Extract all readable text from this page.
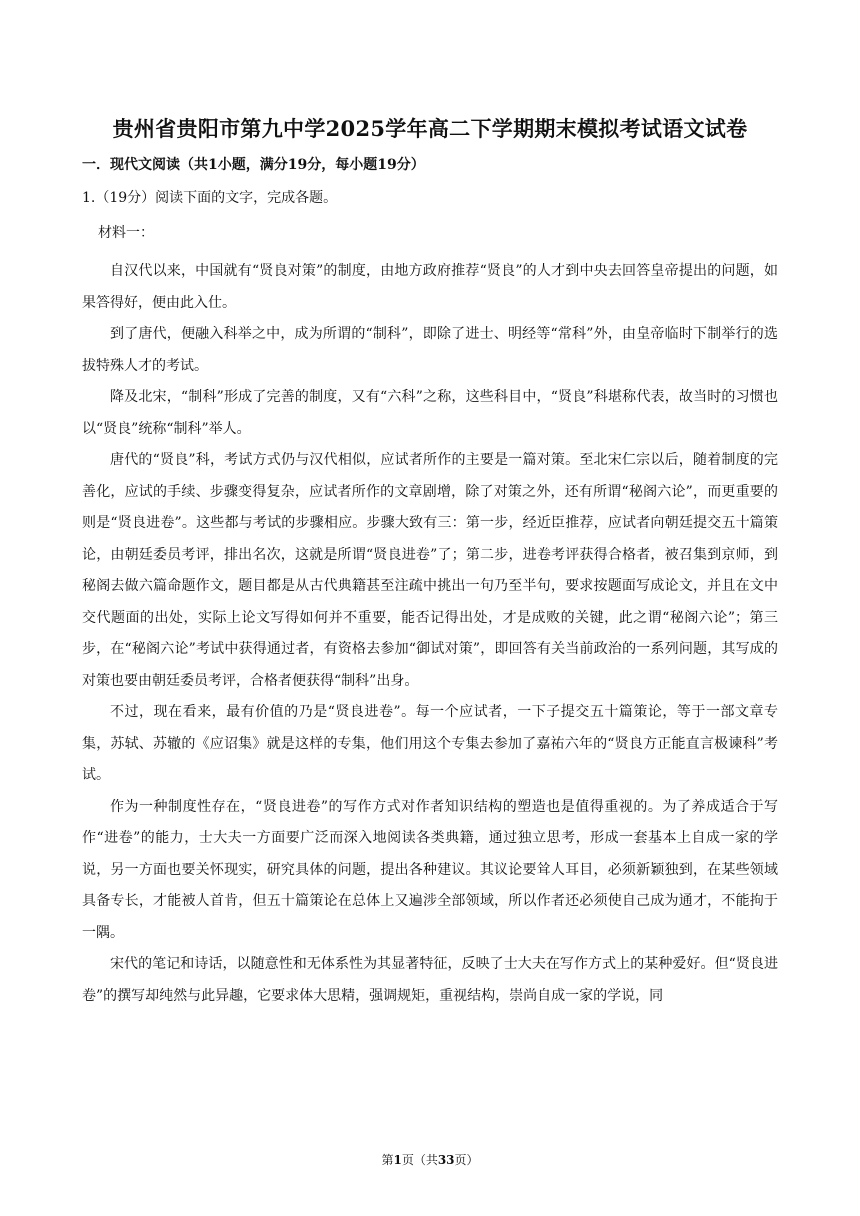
贵州省贵阳市第九中学2025学年高二下学期期末模拟考试语文试卷
一．现代文阅读（共1小题，满分19分，每小题19分）
1.（19分）阅读下面的文字，完成各题。
材料一：

自汉代以来，中国就有“贤良对策”的制度，由地方政府推荐“贤良”的人才到中央去回答皇帝提出的问题，如果答得好，便由此入仕。

到了唐代，便融入科举之中，成为所谓的“制科”，即除了进士、明经等“常科”外，由皇帝临时下制举行的选拔特殊人才的考试。

降及北宋，“制科”形成了完善的制度，又有“六科”之称，这些科目中，“贤良”科堪称代表，故当时的习惯也以“贤良”统称“制科”举人。

唐代的“贤良”科，考试方式仍与汉代相似，应试者所作的主要是一篇对策。至北宋仁宗以后，随着制度的完善化，应试的手续、步骤变得复杂，应试者所作的文章剧增，除了对策之外，还有所谓“秘阁六论”，而更重要的则是“贤良进卷”。这些都与考试的步骤相应。步骤大致有三：第一步，经近臣推荐，应试者向朝廷提交五十篇策论，由朝廷委员考评，排出名次，这就是所谓“贤良进卷”了；第二步，进卷考评获得合格者，被召集到京师，到秘阁去做六篇命题作文，题目都是从古代典籍甚至注疏中挑出一句乃至半句，要求按题面写成论文，并且在文中交代题面的出处，实际上论文写得如何并不重要，能否记得出处，才是成败的关键，此之谓“秘阁六论”；第三步，在“秘阁六论”考试中获得通过者，有资格去参加“御试对策”，即回答有关当前政治的一系列问题，其写成的对策也要由朝廷委员考评，合格者便获得“制科”出身。

不过，现在看来，最有价值的乃是“贤良进卷”。每一个应试者，一下子提交五十篇策论，等于一部文章专集，苏轼、苏辙的《应诏集》就是这样的专集，他们用这个专集去参加了嘉祐六年的“贤良方正能直言极谏科”考试。

作为一种制度性存在，“贤良进卷”的写作方式对作者知识结构的塑造也是值得重视的。为了养成适合于写作“进卷”的能力，士大夫一方面要广泛而深入地阅读各类典籍，通过独立思考，形成一套基本上自成一家的学说，另一方面也要关怀现实，研究具体的问题，提出各种建议。其议论要耸人耳目，必须新颖独到，在某些领域具备专长，才能被人首肯，但五十篇策论在总体上又遍涉全部领域，所以作者还必须使自己成为通才，不能拘于一隅。

宋代的笔记和诗话，以随意性和无体系性为其显著特征，反映了士大夫在写作方式上的某种爱好。但“贤良进卷”的撰写却纯然与此异趣，它要求体大思精，强调规矩，重视结构，崇尚自成一家的学说，同

第1页（共33页）
